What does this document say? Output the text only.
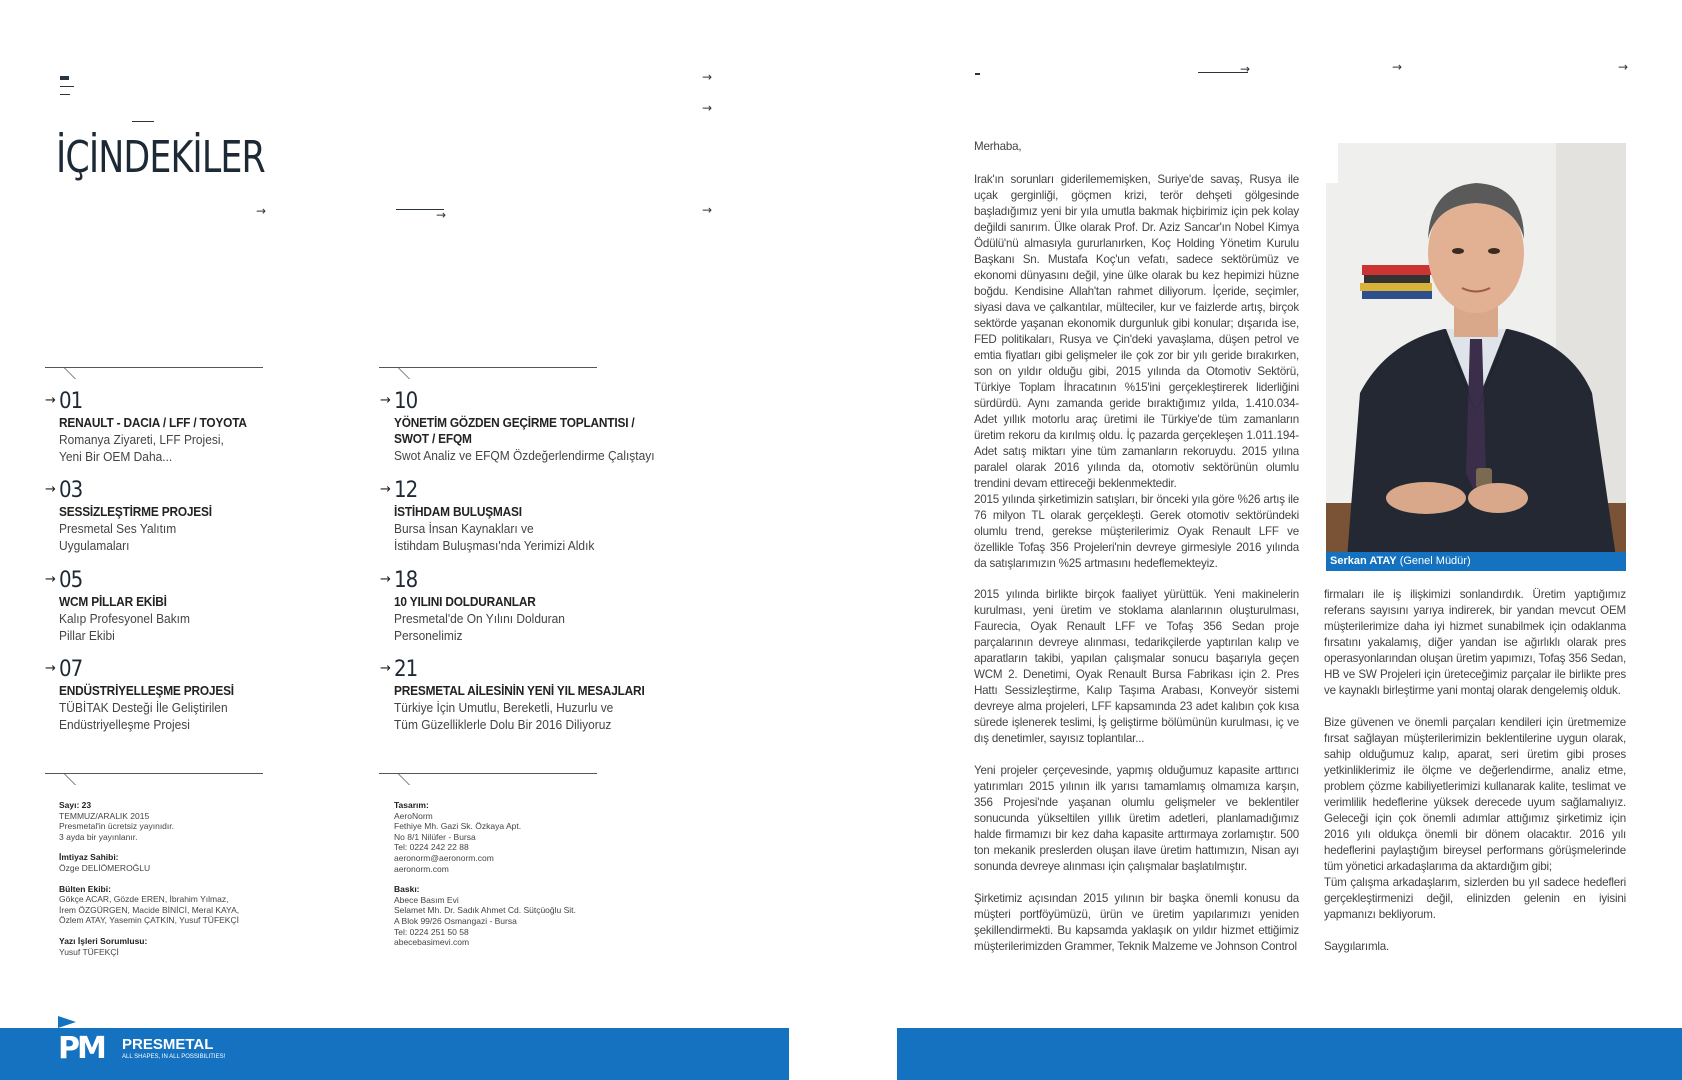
→
→
→
→	→
İÇİNDEKİLER
→ 01
RENAULT - DACIA / LFF / TOYOTA
Romanya Ziyareti, LFF Projesi,
Yeni Bir OEM Daha...
→ 03
SESSİZLEŞTİRME PROJESİ
Presmetal Ses Yalıtım
Uygulamaları
→ 05
WCM PİLLAR EKİBİ
Kalıp Profesyonel Bakım
Pillar Ekibi
→ 07
ENDÜSTRİYELLEŞME PROJESİ
TÜBİTAK Desteği İle Geliştirilen
Endüstriyelleşme Projesi
→ 10
YÖNETİM GÖZDEN GEÇİRME TOPLANTISI /
SWOT / EFQM
Swot Analiz ve EFQM Özdeğerlendirme Çalıştayı
→ 12
İSTİHDAM BULUŞMASI
Bursa İnsan Kaynakları ve
İstihdam Buluşması'nda Yerimizi Aldık
→ 18
10 YILINI DOLDURANLAR
Presmetal'de On Yılını Dolduran
Personelimiz
→ 21
PRESMETAL AİLESİNİN YENİ YIL MESAJLARI
Türkiye İçin Umutlu, Bereketli, Huzurlu ve
Tüm Güzelliklerle Dolu Bir 2016 Diliyoruz
Sayı: 23
TEMMUZ/ARALIK 2015
Presmetal'in ücretsiz yayınıdır.
3 ayda bir yayınlanır.
İmtiyaz Sahibi:
Özge DELİÖMEROĞLU
Bülten Ekibi:
Gökçe ACAR, Gözde EREN, İbrahim Yılmaz,
İrem ÖZGÜRGEN, Macide BİNİCİ, Meral KAYA,
Özlem ATAY, Yasemin ÇATKIN, Yusuf TÜFEKÇİ
Yazı İşleri Sorumlusu:
Yusuf TÜFEKÇİ
Tasarım:
AeroNorm
Fethiye Mh. Gazi Sk. Özkaya Apt.
No 8/1 Nilüfer - Bursa
Tel: 0224 242 22 88
aeronorm@aeronorm.com
aeronorm.com
Baskı:
Abece Basım Evi
Selamet Mh. Dr. Sadık Ahmet Cd. Sütçüoğlu Sit.
A Blok 99/26 Osmangazi - Bursa
Tel: 0224 251 50 58
abecebasimevi.com
PM PRESMETAL
ALL SHAPES, IN ALL POSSIBILITIES!
→	→	→
Merhaba,
Irak'ın sorunları giderilememişken, Suriye'de savaş, Rusya ile uçak gerginliği, göçmen krizi, terör dehşeti gölgesinde başladığımız yeni bir yıla umutla bakmak hiçbirimiz için pek kolay değildi sanırım. Ülke olarak Prof. Dr. Aziz Sancar'ın Nobel Kimya Ödülü'nü almasıyla gururlanırken, Koç Holding Yönetim Kurulu Başkanı Sn. Mustafa Koç'un vefatı, sadece sektörümüz ve ekonomi dünyasını değil, yine ülke olarak bu kez hepimizi hüzne boğdu. Kendisine Allah'tan rahmet diliyorum. İçeride, seçimler, siyasi dava ve çalkantılar, mülteciler, kur ve faizlerde artış, birçok sektörde yaşanan ekonomik durgunluk gibi konular; dışarıda ise, FED politikaları, Rusya ve Çin'deki yavaşlama, düşen petrol ve emtia fiyatları gibi gelişmeler ile çok zor bir yılı geride bırakırken, son on yıldır olduğu gibi, 2015 yılında da Otomotiv Sektörü, Türkiye Toplam İhracatının %15'ini gerçekleştirerek liderliğini sürdürdü. Aynı zamanda geride bıraktığımız yılda, 1.410.034-Adet yıllık motorlu araç üretimi ile Türkiye'de tüm zamanların üretim rekoru da kırılmış oldu. İç pazarda gerçekleşen 1.011.194-Adet satış miktarı yine tüm zamanların rekoruydu. 2015 yılına paralel olarak 2016 yılında da, otomotiv sektörünün olumlu trendini devam ettireceği beklenmektedir.
2015 yılında şirketimizin satışları, bir önceki yıla göre %26 artış ile 76 milyon TL olarak gerçekleşti. Gerek otomotiv sektöründeki olumlu trend, gerekse müşterilerimiz Oyak Renault LFF ve özellikle Tofaş 356 Projeleri'nin devreye girmesiyle 2016 yılında da satışlarımızın %25 artmasını hedeflemekteyiz.
2015 yılında birlikte birçok faaliyet yürüttük. Yeni makinelerin kurulması, yeni üretim ve stoklama alanlarının oluşturulması, Faurecia, Oyak Renault LFF ve Tofaş 356 Sedan proje parçalarının devreye alınması, tedarikçilerde yaptırılan kalıp ve aparatların takibi, yapılan çalışmalar sonucu başarıyla geçen WCM 2. Denetimi, Oyak Renault Bursa Fabrikası için 2. Pres Hattı Sessizleştirme, Kalıp Taşıma Arabası, Konveyör sistemi devreye alma projeleri, LFF kapsamında 23 adet kalıbın çok kısa sürede işlenerek teslimi, İş geliştirme bölümünün kurulması, iç ve dış denetimler, sayısız toplantılar...
Yeni projeler çerçevesinde, yapmış olduğumuz kapasite arttırıcı yatırımları 2015 yılının ilk yarısı tamamlamış olmamıza karşın, 356 Projesi'nde yaşanan olumlu gelişmeler ve beklentiler sonucunda yükseltilen yıllık üretim adetleri, planlamadığımız halde firmamızı bir kez daha kapasite arttırmaya zorlamıştır. 500 ton mekanik preslerden oluşan ilave üretim hattımızın, Nisan ayı sonunda devreye alınması için çalışmalar başlatılmıştır.
Şirketimiz açısından 2015 yılının bir başka önemli konusu da müşteri portföyümüzü, ürün ve üretim yapılarımızı yeniden şekillendirmekti. Bu kapsamda yaklaşık on yıldır hizmet ettiğimiz müşterilerimizden Grammer, Teknik Malzeme ve Johnson Control
firmaları ile iş ilişkimizi sonlandırdık. Üretim yaptığımız referans sayısını yarıya indirerek, bir yandan mevcut OEM müşterilerimize daha iyi hizmet sunabilmek için odaklanma fırsatını yakalamış, diğer yandan ise ağırlıklı olarak pres operasyonlarından oluşan üretim yapımızı, Tofaş 356 Sedan, HB ve SW Projeleri için üreteceğimiz parçalar ile birlikte pres ve kaynaklı birleştirme yani montaj olarak dengelemiş olduk.
Bize güvenen ve önemli parçaları kendileri için üretmemize fırsat sağlayan müşterilerimizin beklentilerine uygun olarak, sahip olduğumuz kalıp, aparat, seri üretim gibi proses yetkinliklerimiz ile ölçme ve değerlendirme, analiz etme, problem çözme kabiliyetlerimizi kullanarak kalite, teslimat ve verimlilik hedeflerine yüksek derecede uyum sağlamalıyız. Geleceği için çok önemli adımlar attığımız şirketimiz için 2016 yılı oldukça önemli bir dönem olacaktır. 2016 yılı hedeflerini paylaştığım bireysel performans görüşmelerinde tüm yönetici arkadaşlarıma da aktardığım gibi;
Tüm çalışma arkadaşlarım, sizlerden bu yıl sadece hedefleri gerçekleştirmenizi değil, elinizden gelenin en iyisini yapmanızı bekliyorum.
Saygılarımla.
Serkan ATAY (Genel Müdür)
